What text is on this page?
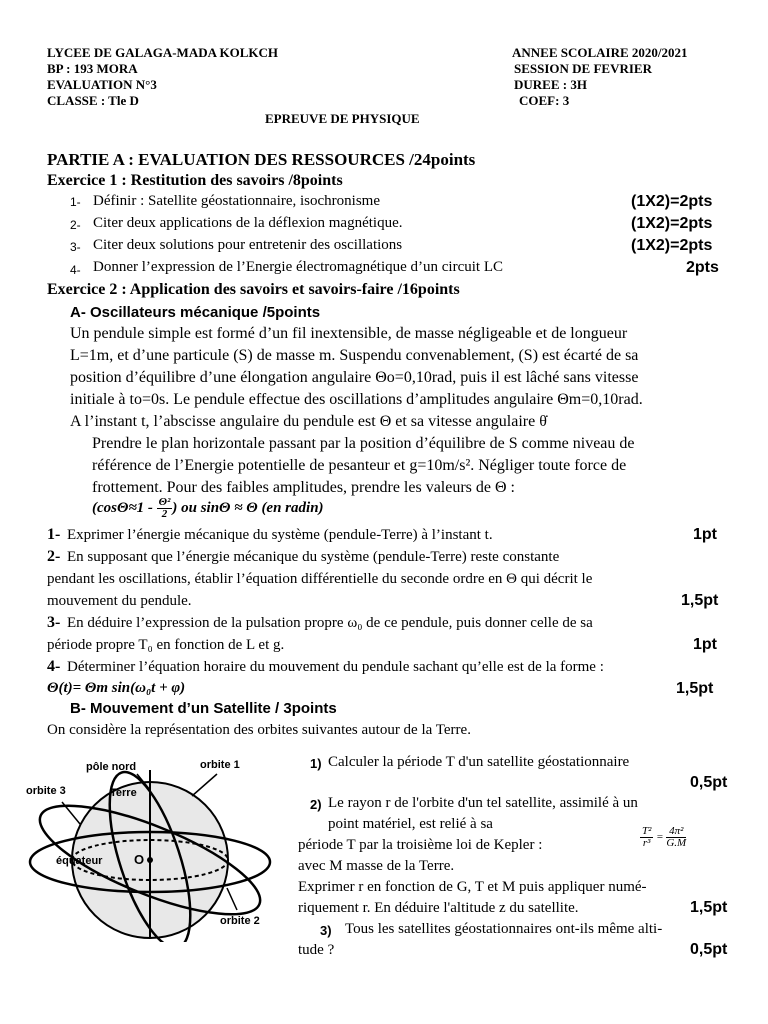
LYCEE DE GALAGA-MADA KOLKCH
BP : 193 MORA
EVALUATION N°3
CLASSE : Tle D
ANNEE SCOLAIRE 2020/2021
SESSION DE FEVRIER
DUREE : 3H
COEF: 3
EPREUVE DE PHYSIQUE
PARTIE A : EVALUATION DES RESSOURCES /24points
Exercice 1 : Restitution des savoirs /8points
1- Définir : Satellite géostationnaire, isochronisme	(1X2)=2pts
2- Citer deux applications de la déflexion magnétique.	(1X2)=2pts
3- Citer deux solutions pour entretenir des oscillations	(1X2)=2pts
4- Donner l’expression de l’Energie électromagnétique d’un circuit LC	2pts
Exercice 2 : Application des savoirs et savoirs-faire /16points
A- Oscillateurs mécanique /5points
Un pendule simple est formé d’un fil inextensible, de masse négligeable et de longueur
L=1m, et d’une particule (S) de masse m. Suspendu convenablement, (S) est écarté de sa
position d’équilibre d’une élongation angulaire Θo=0,10rad, puis il est lâché sans vitesse
initiale à to=0s. Le pendule effectue des oscillations d’amplitudes angulaire Θm=0,10rad.
A l’instant t, l’abscisse angulaire du pendule est Θ et sa vitesse angulaire θ̇
Prendre le plan horizontale passant par la position d’équilibre de S comme niveau de
référence de l’Energie potentielle de pesanteur et g=10m/s². Négliger toute force de
frottement. Pour des faibles amplitudes, prendre les valeurs de Θ :
($\cos\Theta\approx 1 - \frac{\text{Θ²}}{2}$ ) ou sinΘ ≈ Θ (en radin)
1- Exprimer l’énergie mécanique du système (pendule-Terre) à l’instant t.	1pt
2- En supposant que l’énergie mécanique du système (pendule-Terre) reste constante
pendant les oscillations, établir l’équation différentielle du seconde ordre en Θ qui décrit le
mouvement du pendule.	1,5pt
3- En déduire l’expression de la pulsation propre ω₀ de ce pendule, puis donner celle de sa
période propre T₀ en fonction de L et g.	1pt
4- Déterminer l’équation horaire du mouvement du pendule sachant qu’elle est de la forme :
Θ(t)= Θm sin(ω₀t + φ)	1,5pt
B- Mouvement d’un Satellite / 3points
On considère la représentation des orbites suivantes autour de la Terre.
pôle nord	orbite 1
orbite 3	Terre
équateur O
orbite 2
1) Calculer la période T d'un satellite géostationnaire
0,5pt
2) Le rayon r de l'orbite d'un tel satellite, assimilé à un
point matériel, est relié à sa
période T par la troisième loi de Kepler :	$\frac{\text{T²}}{\text{r³}} = \frac{\text{4π²}}{G.M}$
avec M masse de la Terre.
Exprimer r en fonction de G, T et M puis appliquer numé-
riquement r. En déduire l'altitude z du satellite.	1,5pt
3) Tous les satellites géostationnaires ont-ils même alti-
tude ?	0,5pt
